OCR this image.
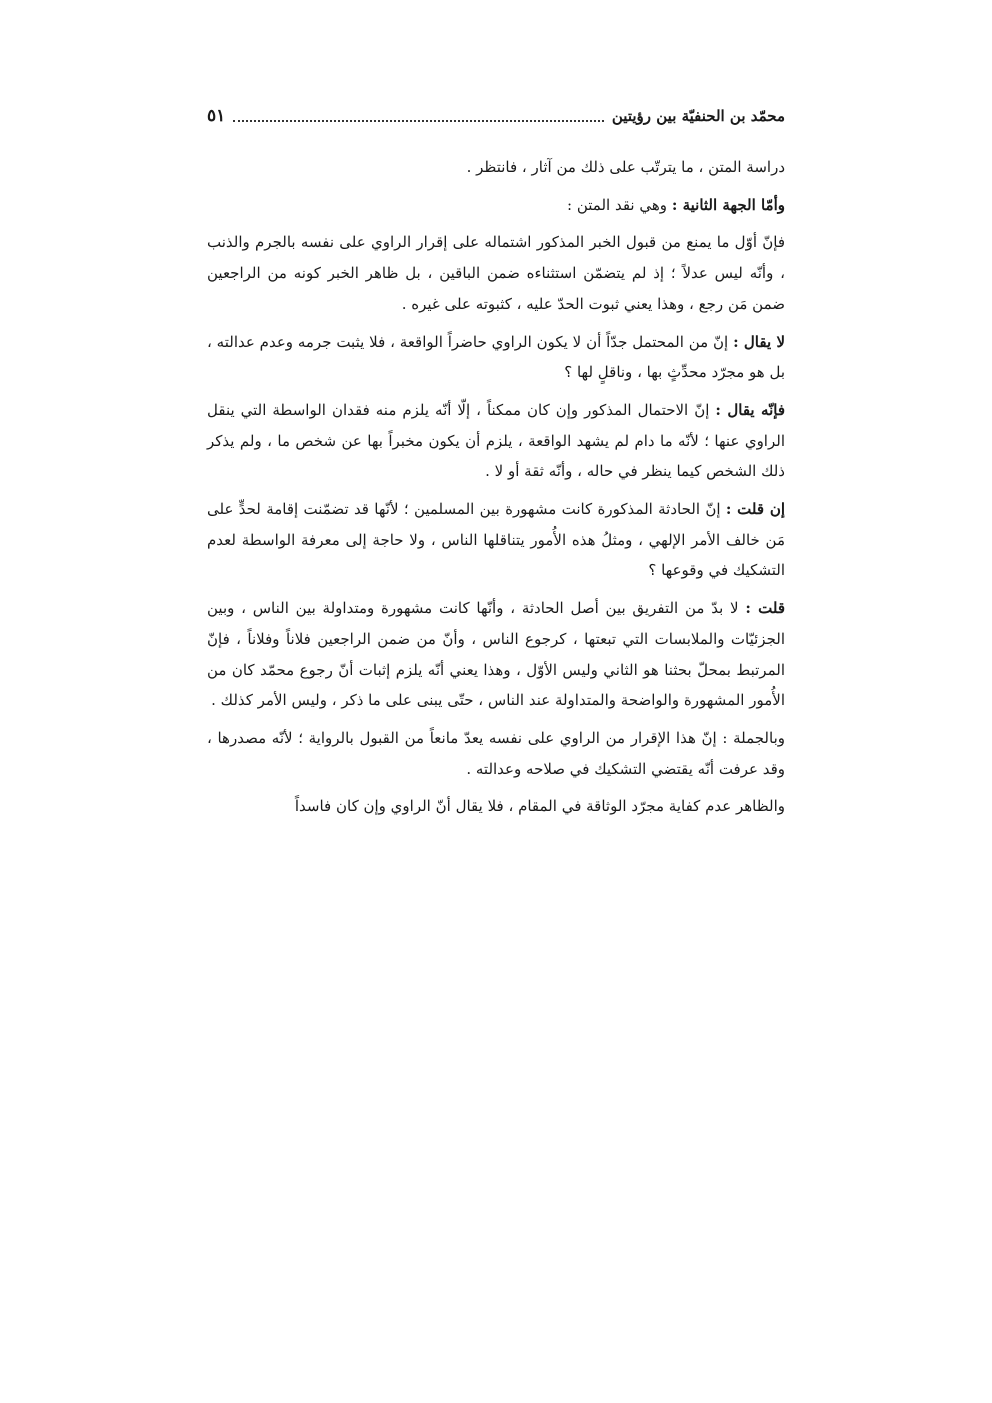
محمّد بن الحنفيّة بين رؤيتين
٥١

دراسة المتن ، ما يترتّب على ذلك من آثار ، فانتظر .

وأمّا الجهة الثانية : وهي نقد المتن :

فإنّ أوّل ما يمنع من قبول الخبر المذكور اشتماله على إقرار الراوي على نفسه بالجرم والذنب ، وأنّه ليس عدلاً ؛ إذ لم يتضمّن استثناءه ضمن الباقين ، بل ظاهر الخبر كونه من الراجعين ضمن مَن رجع ، وهذا يعني ثبوت الحدّ عليه ، كثبوته على غيره .

لا يقال : إنّ من المحتمل جدّاً أن لا يكون الراوي حاضراً الواقعة ، فلا يثبت جرمه وعدم عدالته ، بل هو مجرّد محدِّثٍ بها ، وناقلٍ لها ؟

فإنّه يقال : إنّ الاحتمال المذكور وإن كان ممكناً ، إلّا أنّه يلزم منه فقدان الواسطة التي ينقل الراوي عنها ؛ لأنّه ما دام لم يشهد الواقعة ، يلزم أن يكون مخبراً بها عن شخص ما ، ولم يذكر ذلك الشخص كيما ينظر في حاله ، وأنّه ثقة أو لا .

إن قلت : إنّ الحادثة المذكورة كانت مشهورة بين المسلمين ؛ لأنّها قد تضمّنت إقامة لحدٍّ على مَن خالف الأمر الإلهي ، ومثلُ هذه الأُمور يتناقلها الناس ، ولا حاجة إلى معرفة الواسطة لعدم التشكيك في وقوعها ؟

قلت : لا بدّ من التفريق بين أصل الحادثة ، وأنّها كانت مشهورة ومتداولة بين الناس ، وبين الجزئيّات والملابسات التي تبعتها ، كرجوع الناس ، وأنّ من ضمن الراجعين فلاناً وفلاناً ، فإنّ المرتبط بمحلّ بحثنا هو الثاني وليس الأوّل ، وهذا يعني أنّه يلزم إثبات أنّ رجوع محمّد كان من الأُمور المشهورة والواضحة والمتداولة عند الناس ، حتّى يبنى على ما ذكر ، وليس الأمر كذلك .

وبالجملة : إنّ هذا الإقرار من الراوي على نفسه يعدّ مانعاً من القبول بالرواية ؛ لأنّه مصدرها ، وقد عرفت أنّه يقتضي التشكيك في صلاحه وعدالته .

والظاهر عدم كفاية مجرّد الوثاقة في المقام ، فلا يقال أنّ الراوي وإن كان فاسداً
